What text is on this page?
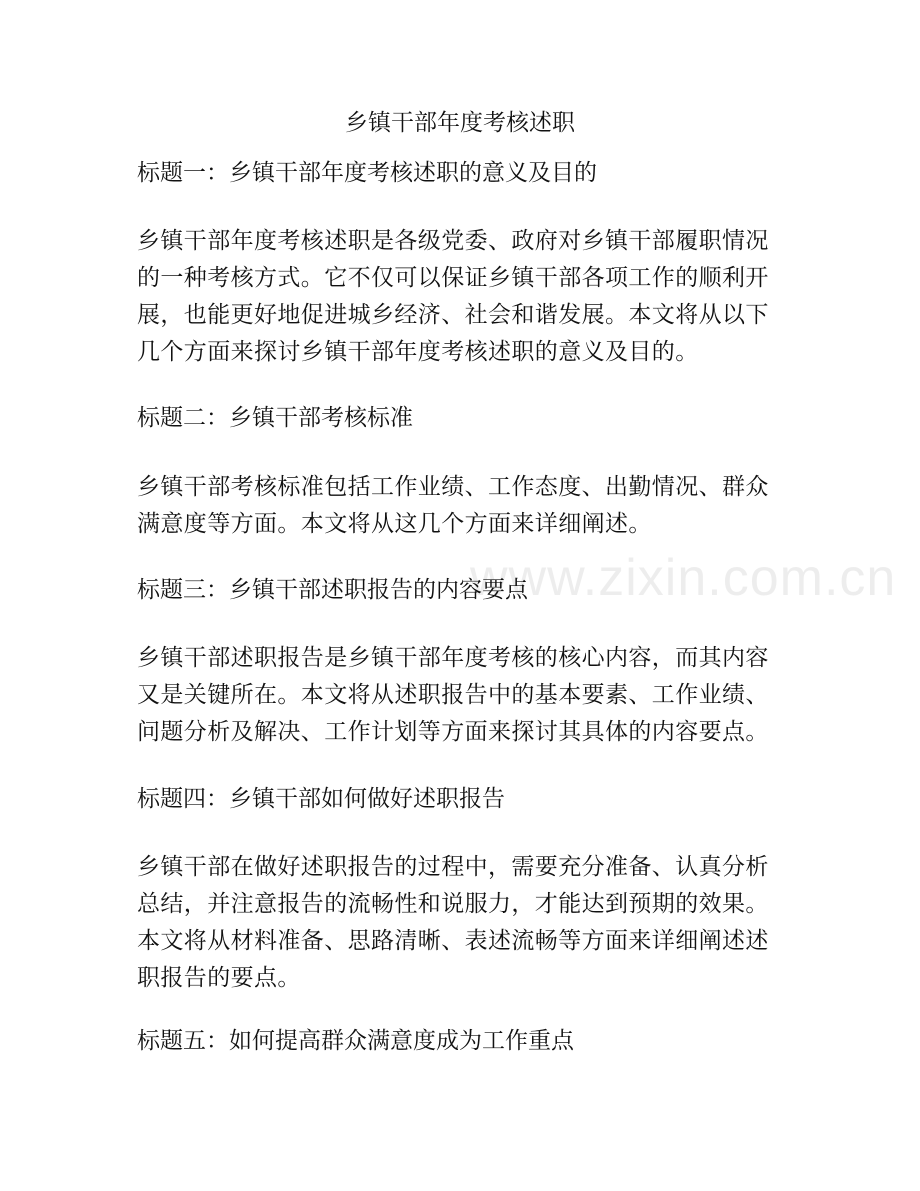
www.zixin.com.cn
乡镇干部年度考核述职
标题一：乡镇干部年度考核述职的意义及目的
乡镇干部年度考核述职是各级党委、政府对乡镇干部履职情况
的一种考核方式。它不仅可以保证乡镇干部各项工作的顺利开
展，也能更好地促进城乡经济、社会和谐发展。本文将从以下
几个方面来探讨乡镇干部年度考核述职的意义及目的。
标题二：乡镇干部考核标准
乡镇干部考核标准包括工作业绩、工作态度、出勤情况、群众
满意度等方面。本文将从这几个方面来详细阐述。
标题三：乡镇干部述职报告的内容要点
乡镇干部述职报告是乡镇干部年度考核的核心内容，而其内容
又是关键所在。本文将从述职报告中的基本要素、工作业绩、
问题分析及解决、工作计划等方面来探讨其具体的内容要点。
标题四：乡镇干部如何做好述职报告
乡镇干部在做好述职报告的过程中，需要充分准备、认真分析
总结，并注意报告的流畅性和说服力，才能达到预期的效果。
本文将从材料准备、思路清晰、表述流畅等方面来详细阐述述
职报告的要点。
标题五：如何提高群众满意度成为工作重点
